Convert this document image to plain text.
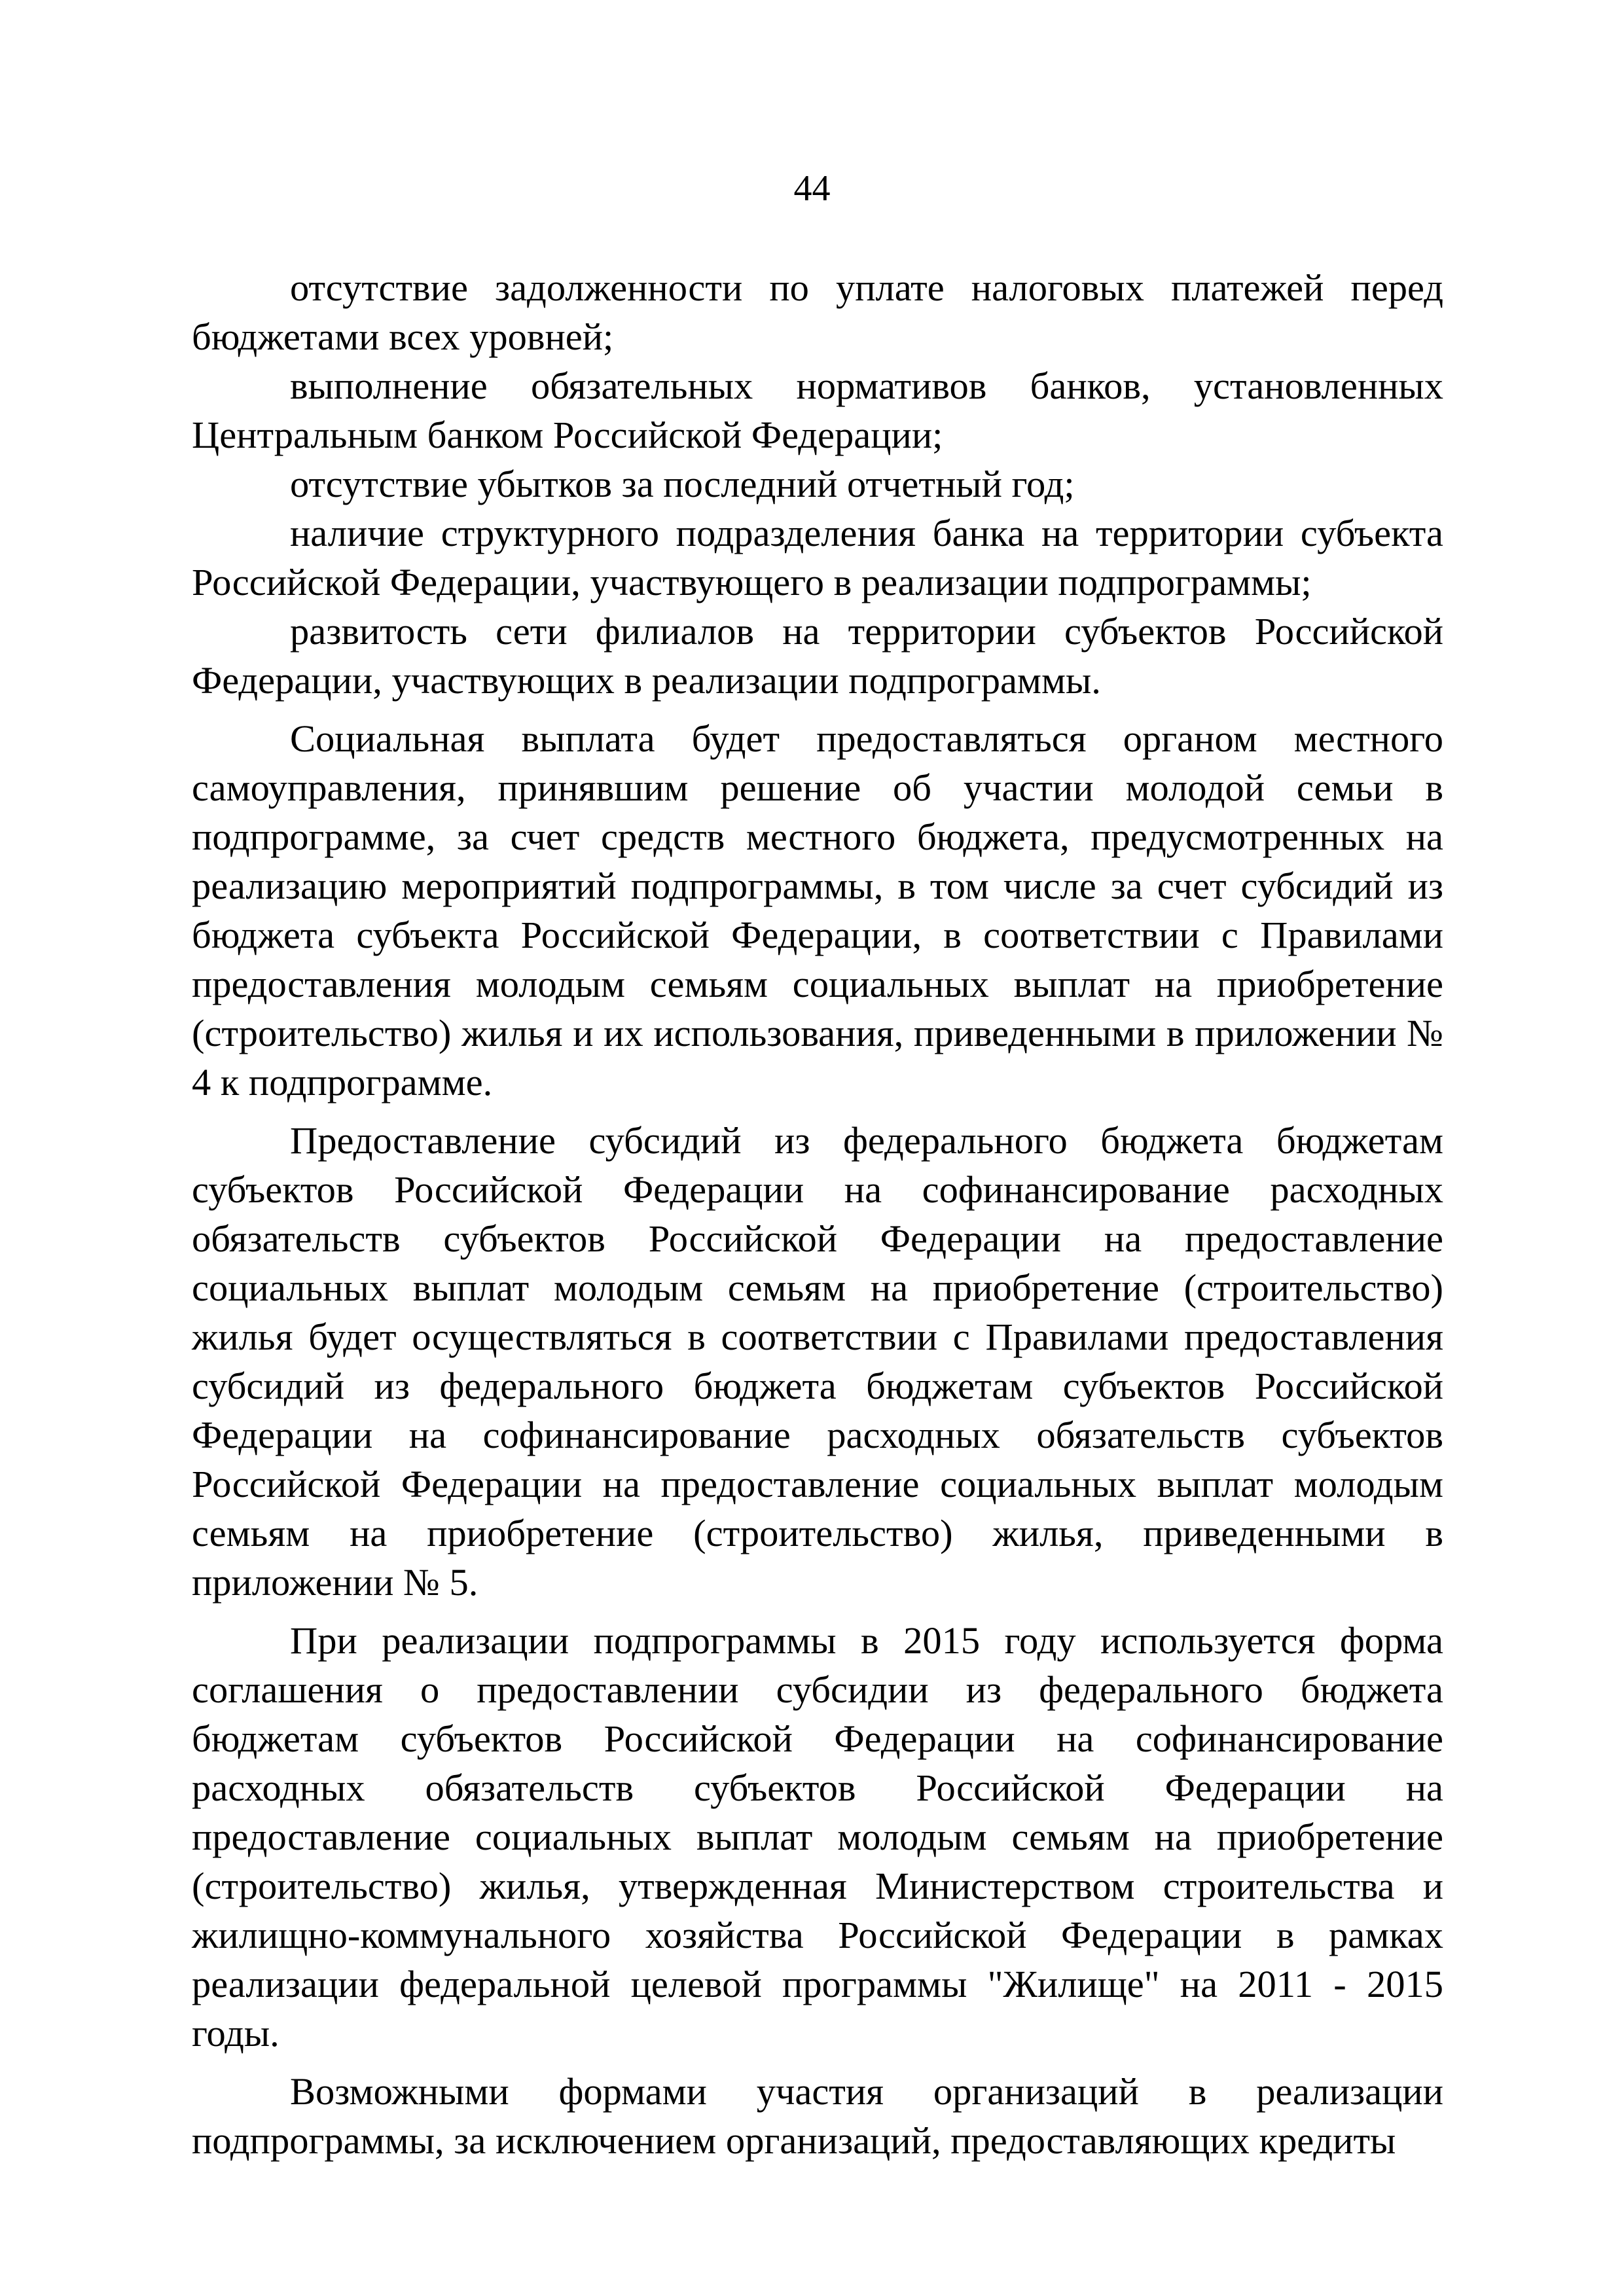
44

отсутствие задолженности по уплате налоговых платежей перед бюджетами всех уровней;

выполнение обязательных нормативов банков, установленных Центральным банком Российской Федерации;

отсутствие убытков за последний отчетный год;

наличие структурного подразделения банка на территории субъекта Российской Федерации, участвующего в реализации подпрограммы;

развитость сети филиалов на территории субъектов Российской Федерации, участвующих в реализации подпрограммы.

Социальная выплата будет предоставляться органом местного самоуправления, принявшим решение об участии молодой семьи в подпрограмме, за счет средств местного бюджета, предусмотренных на реализацию мероприятий подпрограммы, в том числе за счет субсидий из бюджета субъекта Российской Федерации, в соответствии с Правилами предоставления молодым семьям социальных выплат на приобретение (строительство) жилья и их использования, приведенными в приложении № 4 к подпрограмме.

Предоставление субсидий из федерального бюджета бюджетам субъектов Российской Федерации на софинансирование расходных обязательств субъектов Российской Федерации на предоставление социальных выплат молодым семьям на приобретение (строительство) жилья будет осуществляться в соответствии с Правилами предоставления субсидий из федерального бюджета бюджетам субъектов Российской Федерации на софинансирование расходных обязательств субъектов Российской Федерации на предоставление социальных выплат молодым семьям на приобретение (строительство) жилья, приведенными в приложении № 5.

При реализации подпрограммы в 2015 году используется форма соглашения о предоставлении субсидии из федерального бюджета бюджетам субъектов Российской Федерации на софинансирование расходных обязательств субъектов Российской Федерации на предоставление социальных выплат молодым семьям на приобретение (строительство) жилья, утвержденная Министерством строительства и жилищно-коммунального хозяйства Российской Федерации в рамках реализации федеральной целевой программы "Жилище" на 2011 - 2015 годы.

Возможными формами участия организаций в реализации подпрограммы, за исключением организаций, предоставляющих кредиты
